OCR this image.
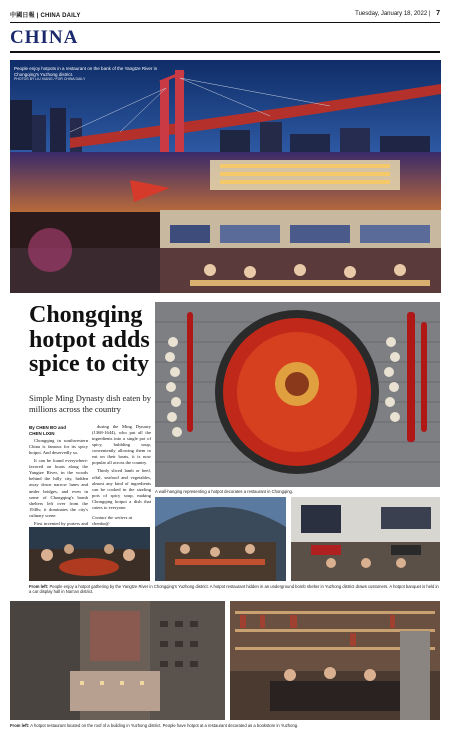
中國日報 | CHINA DAILY	Tuesday, January 18, 2022 | 7
CHINA
People enjoy hotpots in a restaurant on the bank of the Yangtze River in Chongqing's Yuzhong district.
PHOTOS BY LIU XIANG / FOR CHINA DAILY
Chongqing hotpot adds spice to city
Simple Ming Dynasty dish eaten by millions across the country
By CHEN BO and
CHEN LIXIN

Chongqing in southwestern China is famous for its spicy hotpot. And deservedly so.

It can be found everywhere: favored on boats along the Yangtze River, in the woods behind the hilly city, hidden away down narrow lanes and under bridges, and even in some of Chongqing's bomb shelters left over from the 1940s; it dominates the city's culinary scene.

First invented by porters and

during the Ming Dynasty (1368-1644), who put all the ingredients into a single pot of spicy, bubbling soup, conveniently allowing them to eat on their boats, it is now popular all across the country.

Thinly sliced lamb or beef, offal, seafood and vegetables, almost any kind of ingredients can be cooked in the sizzling pots of spicy soup, making Chongqing hotpot a dish that caters to everyone.

Contact the writers at
chenbo@
A wall-hanging representing a hotpot decorates a restaurant in Chongqing.
From left: People enjoy a hotpot gathering by the Yangtze River in Chongqing's Yuzhong district. A hotpot restaurant hidden in an underground bomb shelter in Yuzhong district draws customers. A hotpot banquet is held in a car display hall in Nan'an district.
From left: A hotpot restaurant located on the roof of a building in Yuzhong district. People have hotpot at a restaurant decorated as a bookstore in Yuzhong.
